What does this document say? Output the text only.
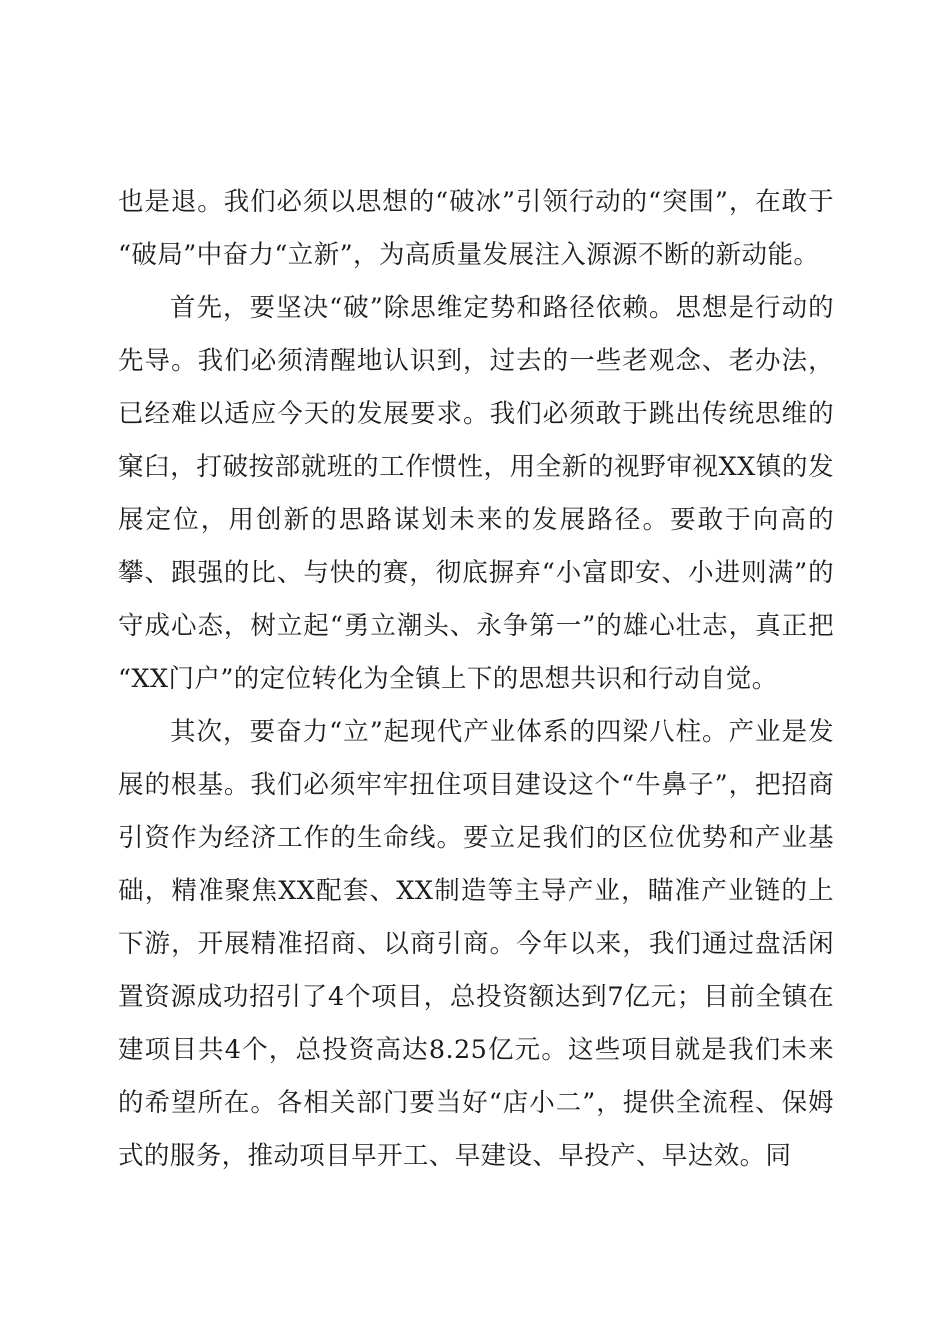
也是退。我们必须以思想的“破冰”引领行动的“突围”，在敢于“破局”中奋力“立新”，为高质量发展注入源源不断的新动能。

首先，要坚决“破”除思维定势和路径依赖。思想是行动的先导。我们必须清醒地认识到，过去的一些老观念、老办法，已经难以适应今天的发展要求。我们必须敢于跳出传统思维的窠臼，打破按部就班的工作惯性，用全新的视野审视XX镇的发展定位，用创新的思路谋划未来的发展路径。要敢于向高的攀、跟强的比、与快的赛，彻底摒弃“小富即安、小进则满”的守成心态，树立起“勇立潮头、永争第一”的雄心壮志，真正把“XX门户”的定位转化为全镇上下的思想共识和行动自觉。

其次，要奋力“立”起现代产业体系的四梁八柱。产业是发展的根基。我们必须牢牢扭住项目建设这个“牛鼻子”，把招商引资作为经济工作的生命线。要立足我们的区位优势和产业基础，精准聚焦XX配套、XX制造等主导产业，瞄准产业链的上下游，开展精准招商、以商引商。今年以来，我们通过盘活闲置资源成功招引了4个项目，总投资额达到7亿元；目前全镇在建项目共4个，总投资高达8.25亿元。这些项目就是我们未来的希望所在。各相关部门要当好“店小二”，提供全流程、保姆式的服务，推动项目早开工、早建设、早投产、早达效。同
